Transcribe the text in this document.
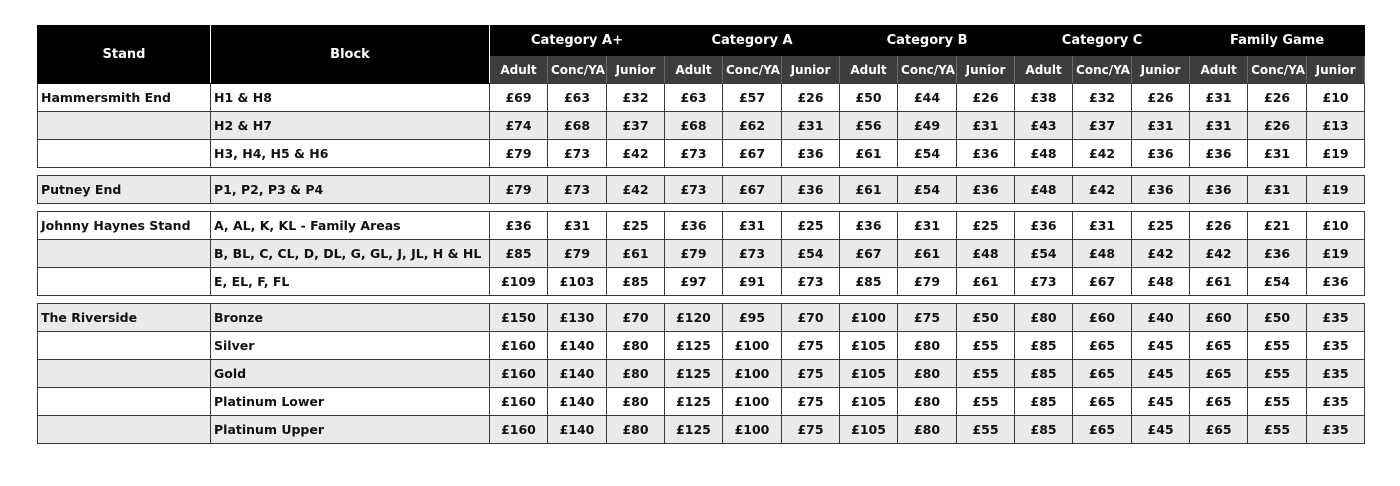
Stand	Block	Category A+			Category A			Category B			Category C			Family Game		
		Adult	Conc/YA	Junior	Adult	Conc/YA	Junior	Adult	Conc/YA	Junior	Adult	Conc/YA	Junior	Adult	Conc/YA	Junior
Hammersmith End	H1 & H8	£69	£63	£32	£63	£57	£26	£50	£44	£26	£38	£32	£26	£31	£26	£10
	H2 & H7	£74	£68	£37	£68	£62	£31	£56	£49	£31	£43	£37	£31	£31	£26	£13
	H3, H4, H5 & H6	£79	£73	£42	£73	£67	£36	£61	£54	£36	£48	£42	£36	£36	£31	£19

Putney End	P1, P2, P3 & P4	£79	£73	£42	£73	£67	£36	£61	£54	£36	£48	£42	£36	£36	£31	£19

Johnny Haynes Stand	A, AL, K, KL - Family Areas	£36	£31	£25	£36	£31	£25	£36	£31	£25	£36	£31	£25	£26	£21	£10
	B, BL, C, CL, D, DL, G, GL, J, JL, H & HL	£85	£79	£61	£79	£73	£54	£67	£61	£48	£54	£48	£42	£42	£36	£19
	E, EL, F, FL	£109	£103	£85	£97	£91	£73	£85	£79	£61	£73	£67	£48	£61	£54	£36

The Riverside	Bronze	£150	£130	£70	£120	£95	£70	£100	£75	£50	£80	£60	£40	£60	£50	£35
	Silver	£160	£140	£80	£125	£100	£75	£105	£80	£55	£85	£65	£45	£65	£55	£35
	Gold	£160	£140	£80	£125	£100	£75	£105	£80	£55	£85	£65	£45	£65	£55	£35
	Platinum Lower	£160	£140	£80	£125	£100	£75	£105	£80	£55	£85	£65	£45	£65	£55	£35
	Platinum Upper	£160	£140	£80	£125	£100	£75	£105	£80	£55	£85	£65	£45	£65	£55	£35
